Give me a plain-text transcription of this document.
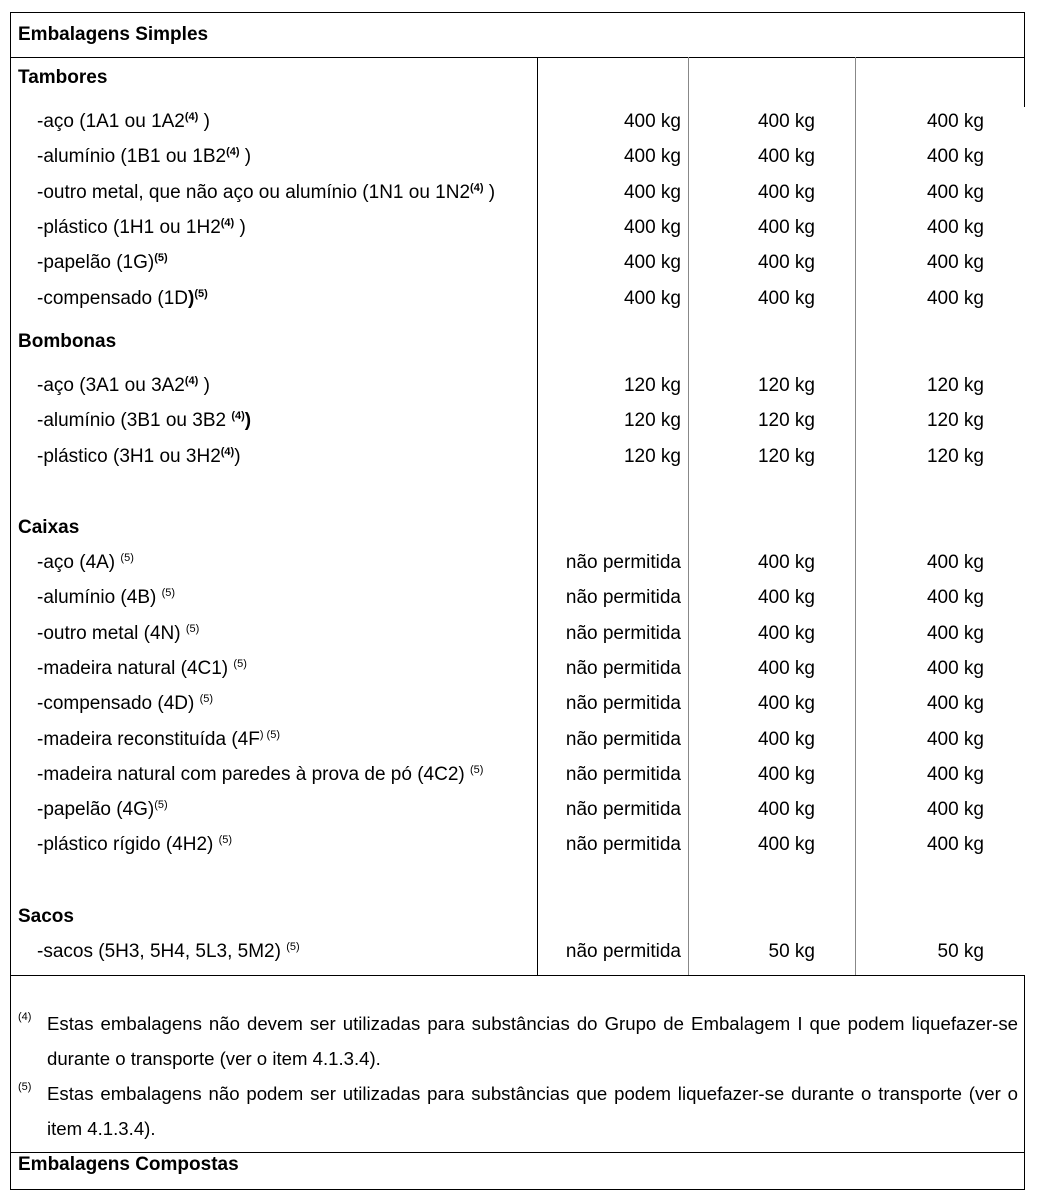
Embalagens Simples
Tambores
-aço (1A1 ou 1A2$^{(4)}$ )	400 kg	400 kg	400 kg
-alumínio (1B1 ou 1B2$^{(4)}$ )	400 kg	400 kg	400 kg
-outro metal, que não aço ou alumínio (1N1 ou 1N2$^{(4)}$ )	400 kg	400 kg	400 kg
-plástico (1H1 ou 1H2$^{(4)}$ )	400 kg	400 kg	400 kg
-papelão $(1G)^{(5)}$	400 kg	400 kg	400 kg
-compensado $(1D)^{(5)}$	400 kg	400 kg	400 kg
Bombonas
-aço (3A1 ou 3A2$^{(4)}$ )	120 kg	120 kg	120 kg
-alumínio (3B1 ou 3B2 $^{(4)}$)	120 kg	120 kg	120 kg
-plástico (3H1 ou 3H2$^{(4)}$)	120 kg	120 kg	120 kg
Caixas
-aço (4A) $^{(5)}$	não permitida	400 kg	400 kg
-alumínio (4B) $^{(5)}$	não permitida	400 kg	400 kg
-outro metal (4N) $^{(5)}$	não permitida	400 kg	400 kg
-madeira natural (4C1) $^{(5)}$	não permitida	400 kg	400 kg
-compensado (4D) $^{(5)}$	não permitida	400 kg	400 kg
-madeira reconstituída ($4F^{) (5)}$	não permitida	400 kg	400 kg
-madeira natural com paredes à prova de pó (4C2) $^{(5)}$	não permitida	400 kg	400 kg
-papelão $(4G)^{(5)}$	não permitida	400 kg	400 kg
-plástico rígido (4H2) $^{(5)}$	não permitida	400 kg	400 kg
Sacos
-sacos (5H3, 5H4, 5L3, 5M2) $^{(5)}$	não permitida	50 kg	50 kg
(4) Estas embalagens não devem ser utilizadas para substâncias do Grupo de Embalagem I que podem liquefazer-se durante o transporte (ver o item 4.1.3.4).
(5) Estas embalagens não podem ser utilizadas para substâncias que podem liquefazer-se durante o transporte (ver o item 4.1.3.4).
Embalagens Compostas
